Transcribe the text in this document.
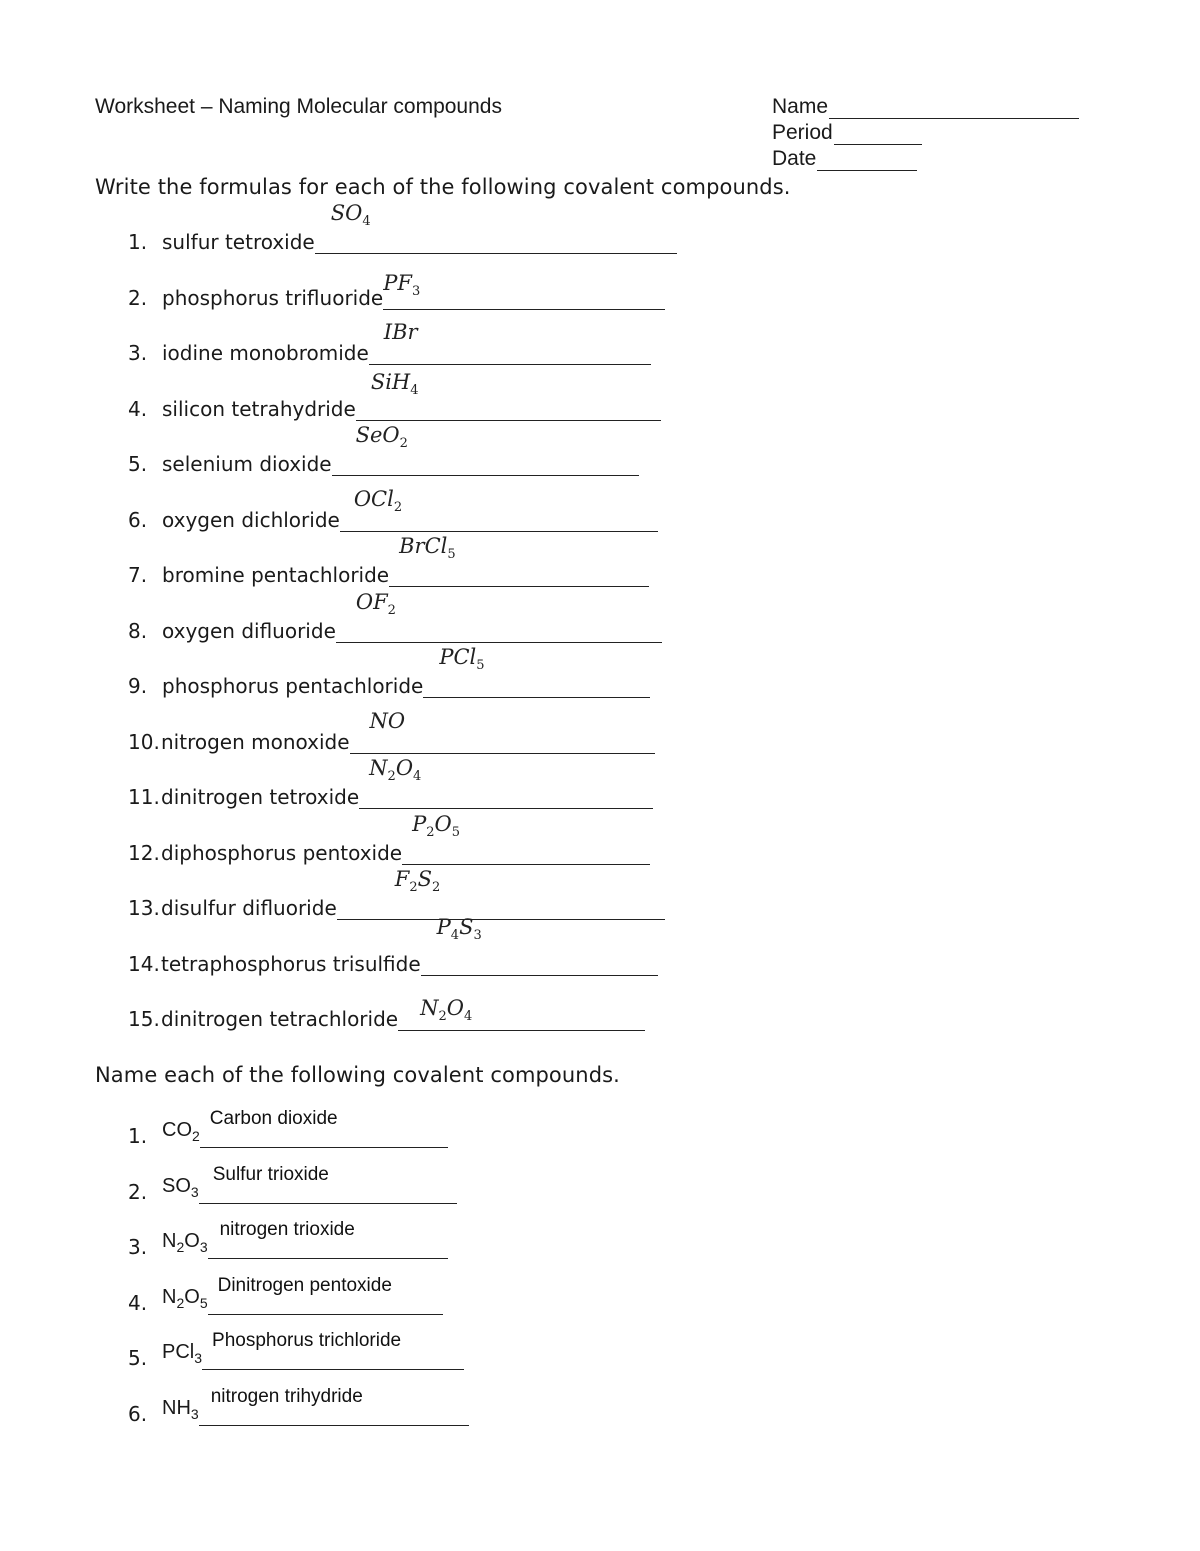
Worksheet – Naming Molecular compounds	Name
Period
Date
Write the formulas for each of the following covalent compounds.
1. sulfur tetroxide
$SO_4$
2. phosphorus trifluoride
$PF_3$
3. iodine monobromide
IBr
4. silicon tetrahydride
SiH$_4$
5. selenium dioxide
SeO$_2$
6. oxygen dichloride
OCl$_2$
7. bromine pentachloride
BrCl$_5$
8. oxygen difluoride
$OF_2$
9. phosphorus pentachloride
PCl$_5$
10. nitrogen monoxide
NO
11. dinitrogen tetroxide
$N_2O_4$
12. diphosphorus pentoxide
$P_2O_5$
13. disulfur difluoride
$F_2S_2$
14. tetraphosphorus trisulfide
$P_4S_3$
15. dinitrogen tetrachloride $N_2O_4$
Name each of the following covalent compounds.
1. $CO_2$
Carbon dioxide
2. $SO_3$
Sulfur trioxide
3. $N_2O_3$
nitrogen trioxide
4. $N_2O_5$
Dinitrogen pentoxide
5. PCl$_3$
Phosphorus trichloride
6. $NH_3$
nitrogen trihydride
